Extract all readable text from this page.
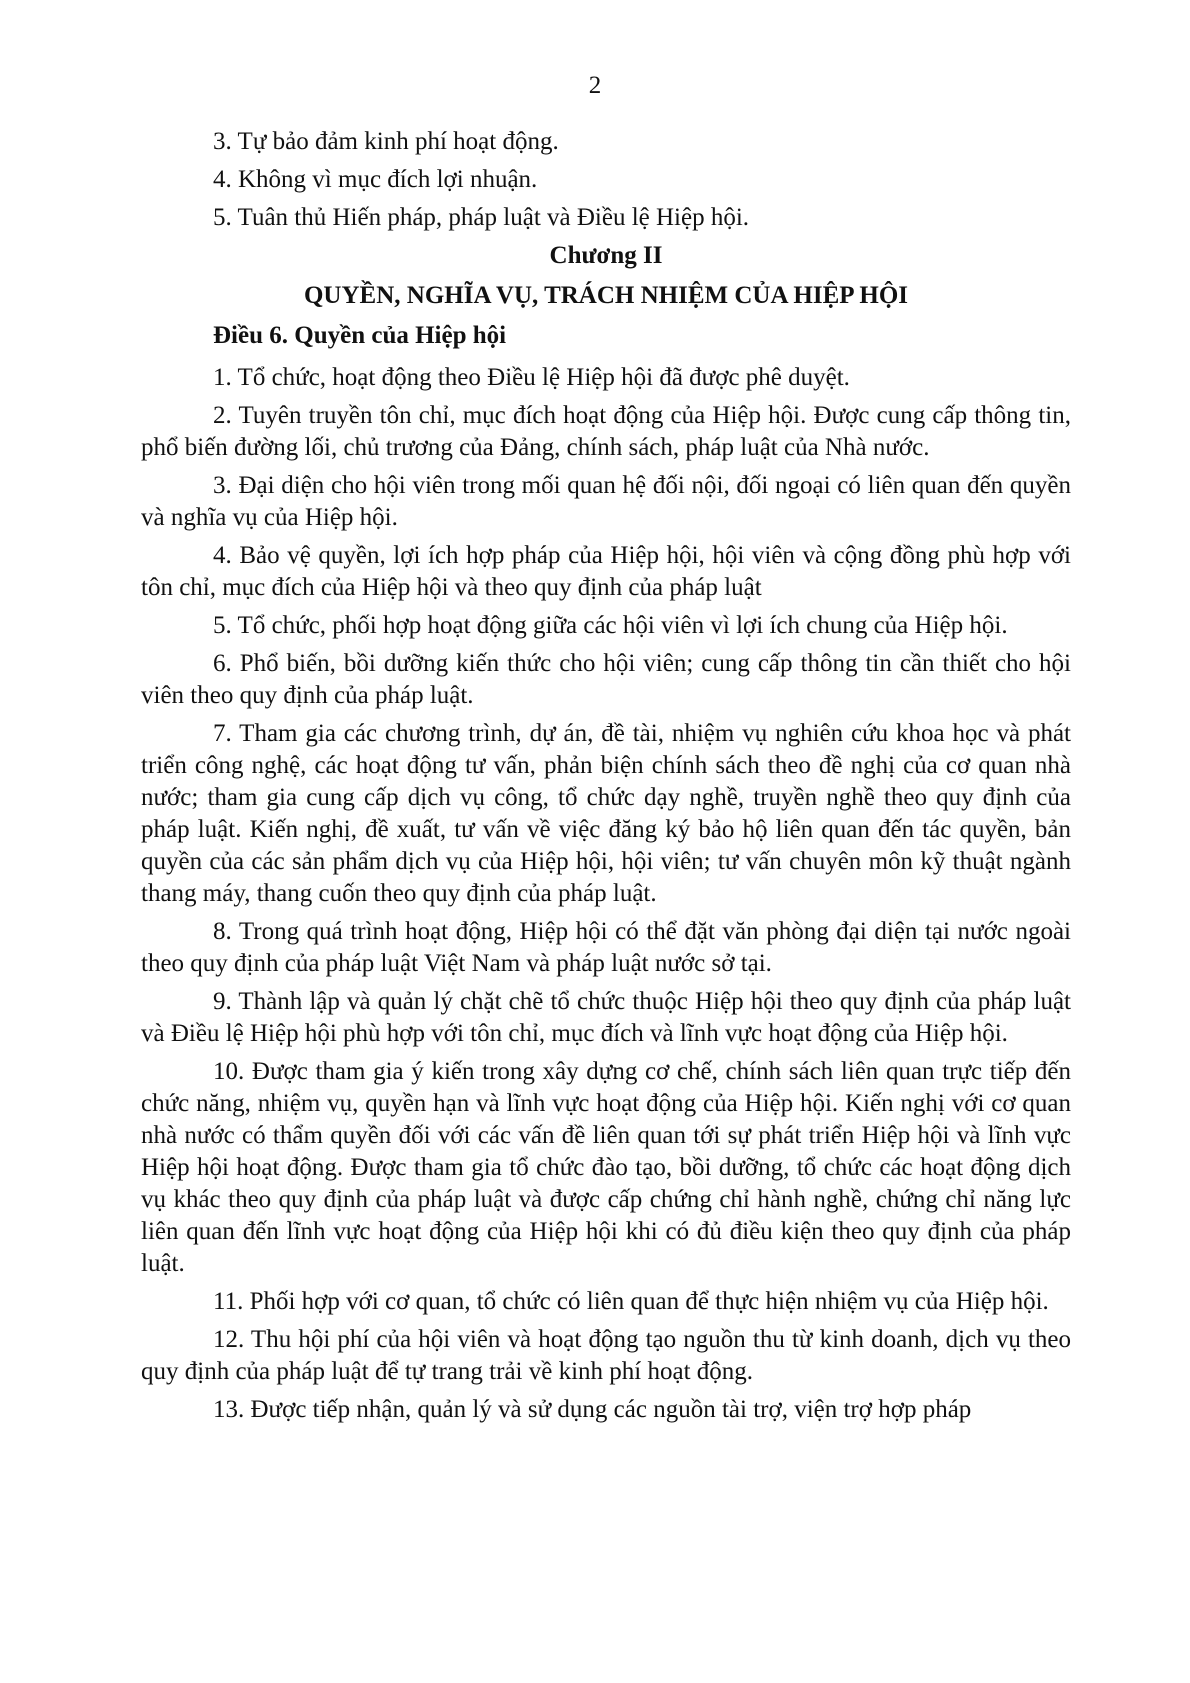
2

3. Tự bảo đảm kinh phí hoạt động.

4. Không vì mục đích lợi nhuận.

5. Tuân thủ Hiến pháp, pháp luật và Điều lệ Hiệp hội.

Chương II
QUYỀN, NGHĨA VỤ, TRÁCH NHIỆM CỦA HIỆP HỘI
Điều 6. Quyền của Hiệp hội

1. Tổ chức, hoạt động theo Điều lệ Hiệp hội đã được phê duyệt.

2. Tuyên truyền tôn chỉ, mục đích hoạt động của Hiệp hội. Được cung cấp thông tin, phổ biến đường lối, chủ trương của Đảng, chính sách, pháp luật của Nhà nước.

3. Đại diện cho hội viên trong mối quan hệ đối nội, đối ngoại có liên quan đến quyền và nghĩa vụ của Hiệp hội.

4. Bảo vệ quyền, lợi ích hợp pháp của Hiệp hội, hội viên và cộng đồng phù hợp với tôn chỉ, mục đích của Hiệp hội và theo quy định của pháp luật

5. Tổ chức, phối hợp hoạt động giữa các hội viên vì lợi ích chung của Hiệp hội.

6. Phổ biến, bồi dưỡng kiến thức cho hội viên; cung cấp thông tin cần thiết cho hội viên theo quy định của pháp luật.

7. Tham gia các chương trình, dự án, đề tài, nhiệm vụ nghiên cứu khoa học và phát triển công nghệ, các hoạt động tư vấn, phản biện chính sách theo đề nghị của cơ quan nhà nước; tham gia cung cấp dịch vụ công, tổ chức dạy nghề, truyền nghề theo quy định của pháp luật. Kiến nghị, đề xuất, tư vấn về việc đăng ký bảo hộ liên quan đến tác quyền, bản quyền của các sản phẩm dịch vụ của Hiệp hội, hội viên; tư vấn chuyên môn kỹ thuật ngành thang máy, thang cuốn theo quy định của pháp luật.

8. Trong quá trình hoạt động, Hiệp hội có thể đặt văn phòng đại diện tại nước ngoài theo quy định của pháp luật Việt Nam và pháp luật nước sở tại.

9. Thành lập và quản lý chặt chẽ tổ chức thuộc Hiệp hội theo quy định của pháp luật và Điều lệ Hiệp hội phù hợp với tôn chỉ, mục đích và lĩnh vực hoạt động của Hiệp hội.

10. Được tham gia ý kiến trong xây dựng cơ chế, chính sách liên quan trực tiếp đến chức năng, nhiệm vụ, quyền hạn và lĩnh vực hoạt động của Hiệp hội. Kiến nghị với cơ quan nhà nước có thẩm quyền đối với các vấn đề liên quan tới sự phát triển Hiệp hội và lĩnh vực Hiệp hội hoạt động. Được tham gia tổ chức đào tạo, bồi dưỡng, tổ chức các hoạt động dịch vụ khác theo quy định của pháp luật và được cấp chứng chỉ hành nghề, chứng chỉ năng lực liên quan đến lĩnh vực hoạt động của Hiệp hội khi có đủ điều kiện theo quy định của pháp luật.

11. Phối hợp với cơ quan, tổ chức có liên quan để thực hiện nhiệm vụ của Hiệp hội.

12. Thu hội phí của hội viên và hoạt động tạo nguồn thu từ kinh doanh, dịch vụ theo quy định của pháp luật để tự trang trải về kinh phí hoạt động.

13. Được tiếp nhận, quản lý và sử dụng các nguồn tài trợ, viện trợ hợp pháp
